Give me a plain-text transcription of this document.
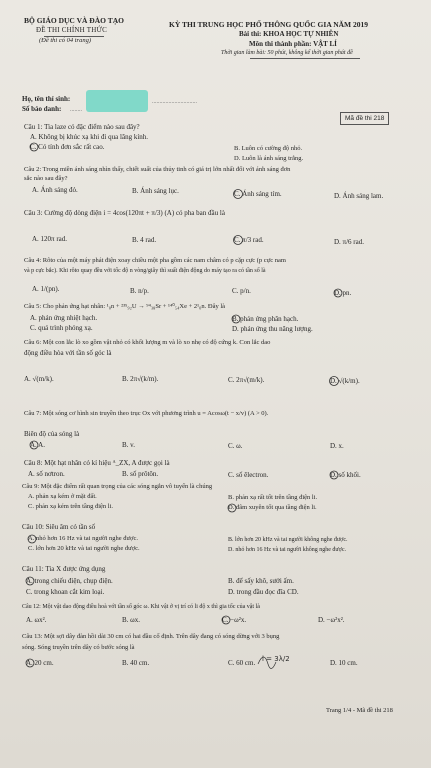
BỘ GIÁO DỤC VÀ ĐÀO TẠO
ĐỀ THI CHÍNH THỨC
(Đề thi có 04 trang)
KỲ THI TRUNG HỌC PHỔ THÔNG QUỐC GIA NĂM 2019
Bài thi: KHOA HỌC TỰ NHIÊN
Môn thi thành phần: VẬT LÍ
Thời gian làm bài: 50 phút, không kể thời gian phát đề
Họ, tên thí sinh:
Số báo danh: ........
..............................
Mã đề thi 218
Câu 1: Tia laze có đặc điểm nào sau đây?
A. Không bị khúc xạ khi đi qua lăng kính.
C. Có tính đơn sắc rất cao.	B. Luôn có cường độ nhỏ.
D. Luôn là ánh sáng trắng.
Câu 2: Trong miền ánh sáng nhìn thấy, chiết suất của thủy tinh có giá trị lớn nhất đối với ánh sáng đơn
sắc nào sau đây?
A. Ánh sáng đỏ.	B. Ánh sáng lục.	C. Ánh sáng tím.	D. Ánh sáng lam.
Câu 3: Cường độ dòng điện i = 4cos(120πt + π/3) (A) có pha ban đầu là
A. 120π rad.	B. 4 rad.	C. π/3 rad.	D. π/6 rad.
Câu 4: Rôto của một máy phát điện xoay chiều một pha gồm các nam châm có p cặp cực (p cực nam
và p cực bắc). Khi rôto quay đều với tốc độ n vòng/giây thì suất điện động do máy tạo ra có tần số là
A. 1/(pn).	B. n/p.	C. p/n.	D. pn.
Câu 5: Cho phản ứng hạt nhân: ¹₀n + ²³⁵₉₂U → ⁹⁴₃₈Sr + ¹⁴⁰₅₄Xe + 2¹₀n. Đây là
A. phản ứng nhiệt hạch.	B. phản ứng phân hạch.
C. quá trình phóng xạ.	D. phản ứng thu năng lượng.
Câu 6: Một con lắc lò xo gồm vật nhỏ có khối lượng m và lò xo nhẹ có độ cứng k. Con lắc dao
động điều hòa với tần số góc là
A. √(m/k).	B. 2π√(k/m).	C. 2π√(m/k).	D. √(k/m).
Câu 7: Một sóng cơ hình sin truyền theo trục Ox với phương trình u = Acosω(t − x/v) (A > 0).
Biên độ của sóng là
A. A.	B. v.	C. ω.	D. x.
Câu 8: Một hạt nhân có kí hiệu ᴬ_ZX, A được gọi là
A. số nơtron.	B. số prôtôn.	C. số êlectron.	D. số khối.
Câu 9: Một đặc điểm rất quan trọng của các sóng ngắn vô tuyến là chúng
A. phản xạ kém ở mặt đất.	B. phản xạ rất tốt trên tầng điện li.
C. phản xạ kém trên tầng điện li.	D. đâm xuyên tốt qua tầng điện li.
Câu 10: Siêu âm có tần số
A. nhỏ hơn 16 Hz và tai người nghe được.	B. lớn hơn 20 kHz và tai người không nghe được.
C. lớn hơn 20 kHz và tai người nghe được.	D. nhỏ hơn 16 Hz và tai người không nghe được.
Câu 11: Tia X được ứng dụng
A. trong chiếu điện, chụp điện.	B. để sấy khô, sưởi ấm.
C. trong khoan cắt kim loại.	D. trong đầu đọc đĩa CD.
Câu 12: Một vật dao động điều hoà với tần số góc ω. Khi vật ở vị trí có li độ x thì gia tốc của vật là
A. ωx².	B. ωx.	C. −ω²x.	D. −ω²x².
Câu 13: Một sợi dây đàn hồi dài 30 cm có hai đầu cố định. Trên dây đang có sóng dừng với 3 bụng
sóng. Sóng truyền trên dây có bước sóng là
A. 20 cm.	B. 40 cm.	C. 60 cm. l = 3λ/2	D. 10 cm.
Trang 1/4 - Mã đề thi 218
